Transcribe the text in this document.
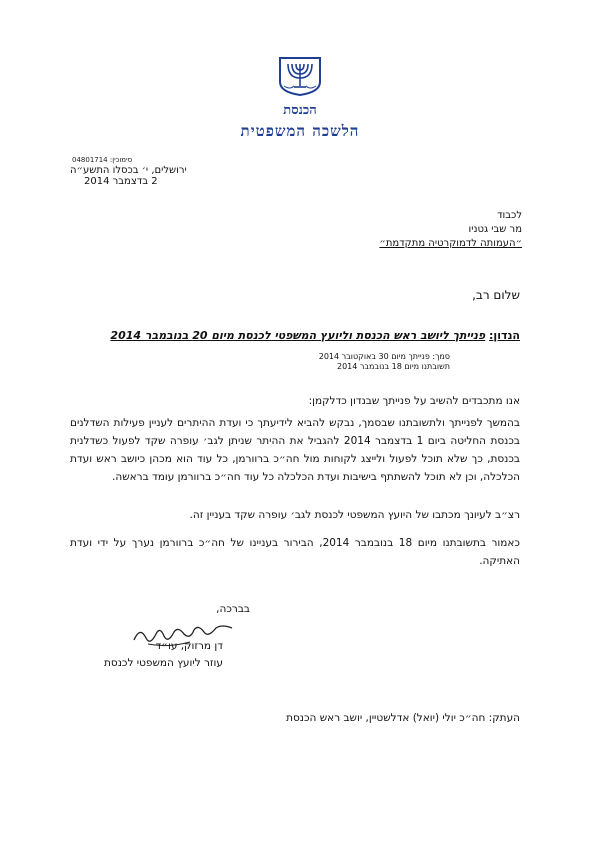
הכנסת
הלשכה המשפטית
סימוכין: 04801714
ירושלים, י׳ בכסלו התשע״ה
2 בדצמבר 2014
לכבוד
מר שבי גטניו
״העמותה לדמוקרטיה מתקדמת״
שלום רב,
הנדון: פנייתך ליושב ראש הכנסת וליועץ המשפטי לכנסת מיום 20 בנובמבר 2014
סמך: פנייתך מיום 30 באוקטובר 2014
תשובתנו מיום 18 בנובמבר 2014
אנו מתכבדים להשיב על פנייתך שבנדון כדלקמן:
בהמשך לפנייתך ולתשובתנו שבסמך, נבקש להביא לידיעתך כי ועדת ההיתרים לעניין פעילות השדלנים בכנסת החליטה ביום 1 בדצמבר 2014 להגביל את ההיתר שניתן לגב׳ עופרה שקד לפעול כשדלנית בכנסת, כך שלא תוכל לפעול ולייצג לקוחות מול חה״כ ברוורמן, כל עוד הוא מכהן כיושב ראש ועדת הכלכלה, וכן לא תוכל להשתתף בישיבות ועדת הכלכלה כל עוד חה״כ ברוורמן עומד בראשה.
רצ״ב לעיונך מכתבו של היועץ המשפטי לכנסת לגב׳ עופרה שקד בעניין זה.
כאמור בתשובתנו מיום 18 בנובמבר 2014, הבירור בעניינו של חה״כ ברוורמן נערך על ידי ועדת האתיקה.
בברכה,
דן מרזוק, עו״ד
עוזר ליועץ המשפטי לכנסת
העתק: חה״כ יולי (יואל) אדלשטיין, יושב ראש הכנסת
